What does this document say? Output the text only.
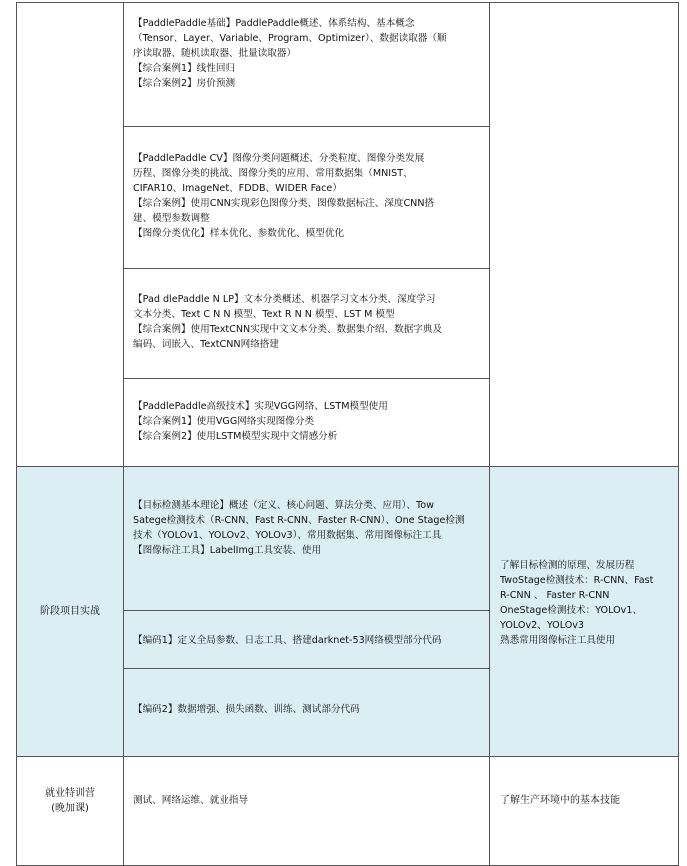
【PaddlePaddle基础】PaddlePaddle概述、体系结构、基本概念
（Tensor、Layer、Variable、Program、Optimizer）、数据读取器（顺
序读取器、随机读取器、批量读取器）
【综合案例1】线性回归
【综合案例2】房价预测
【PaddlePaddle CV】图像分类问题概述、分类粒度、图像分类发展
历程、图像分类的挑战、图像分类的应用、常用数据集（MNIST、
CIFAR10、ImageNet、FDDB、WIDER Face）
【综合案例】使用CNN实现彩色图像分类、图像数据标注、深度CNN搭
建、模型参数调整
【图像分类优化】样本优化、参数优化、模型优化
【Pad dlePaddle N LP】文本分类概述、机器学习文本分类、深度学习
文本分类、Text C N N 模型、Text R N N 模型、LST M 模型
【综合案例】使用TextCNN实现中文文本分类、数据集介绍、数据字典及
编码、词嵌入、TextCNN网络搭建
【PaddlePaddle高级技术】实现VGG网络、LSTM模型使用
【综合案例1】使用VGG网络实现图像分类
【综合案例2】使用LSTM模型实现中文情感分析
阶段项目实战
【目标检测基本理论】概述（定义、核心问题、算法分类、应用）、Tow
Satege检测技术（R-CNN、Fast R-CNN、Faster R-CNN）、One Stage检测
技术（YOLOv1、YOLOv2、YOLOv3）、常用数据集、常用图像标注工具
【图像标注工具】LabelImg工具安装、使用
【编码1】定义全局参数、日志工具、搭建darknet-53网络模型部分代码
【编码2】数据增强、损失函数、训练、测试部分代码
了解目标检测的原理、发展历程
TwoStage检测技术：R-CNN、Fast
R-CNN 、 Faster R-CNN
OneStage检测技术：YOLOv1、
YOLOv2、YOLOv3
熟悉常用图像标注工具使用
就业特训营
(晚加课)
测试、网络运维、就业指导	了解生产环境中的基本技能
